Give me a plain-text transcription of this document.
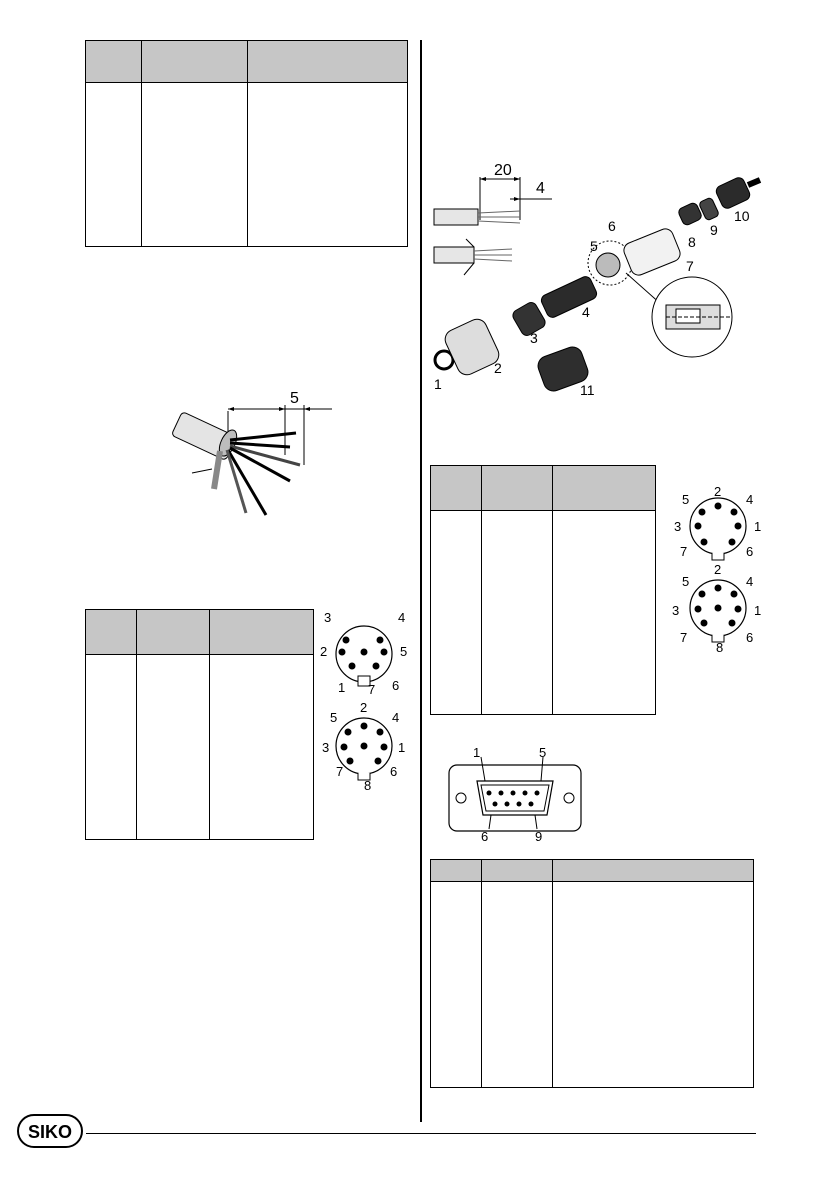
5
3	4
2	5
1 7 6
2
5	4
3	1
7
8
6
20
4
1
2
3
4
5
6
7
8
9
10
11
5
2
4
3	1
7	6
5
2
4
3	1
7
8
6
1	5
6	9
SIKO
